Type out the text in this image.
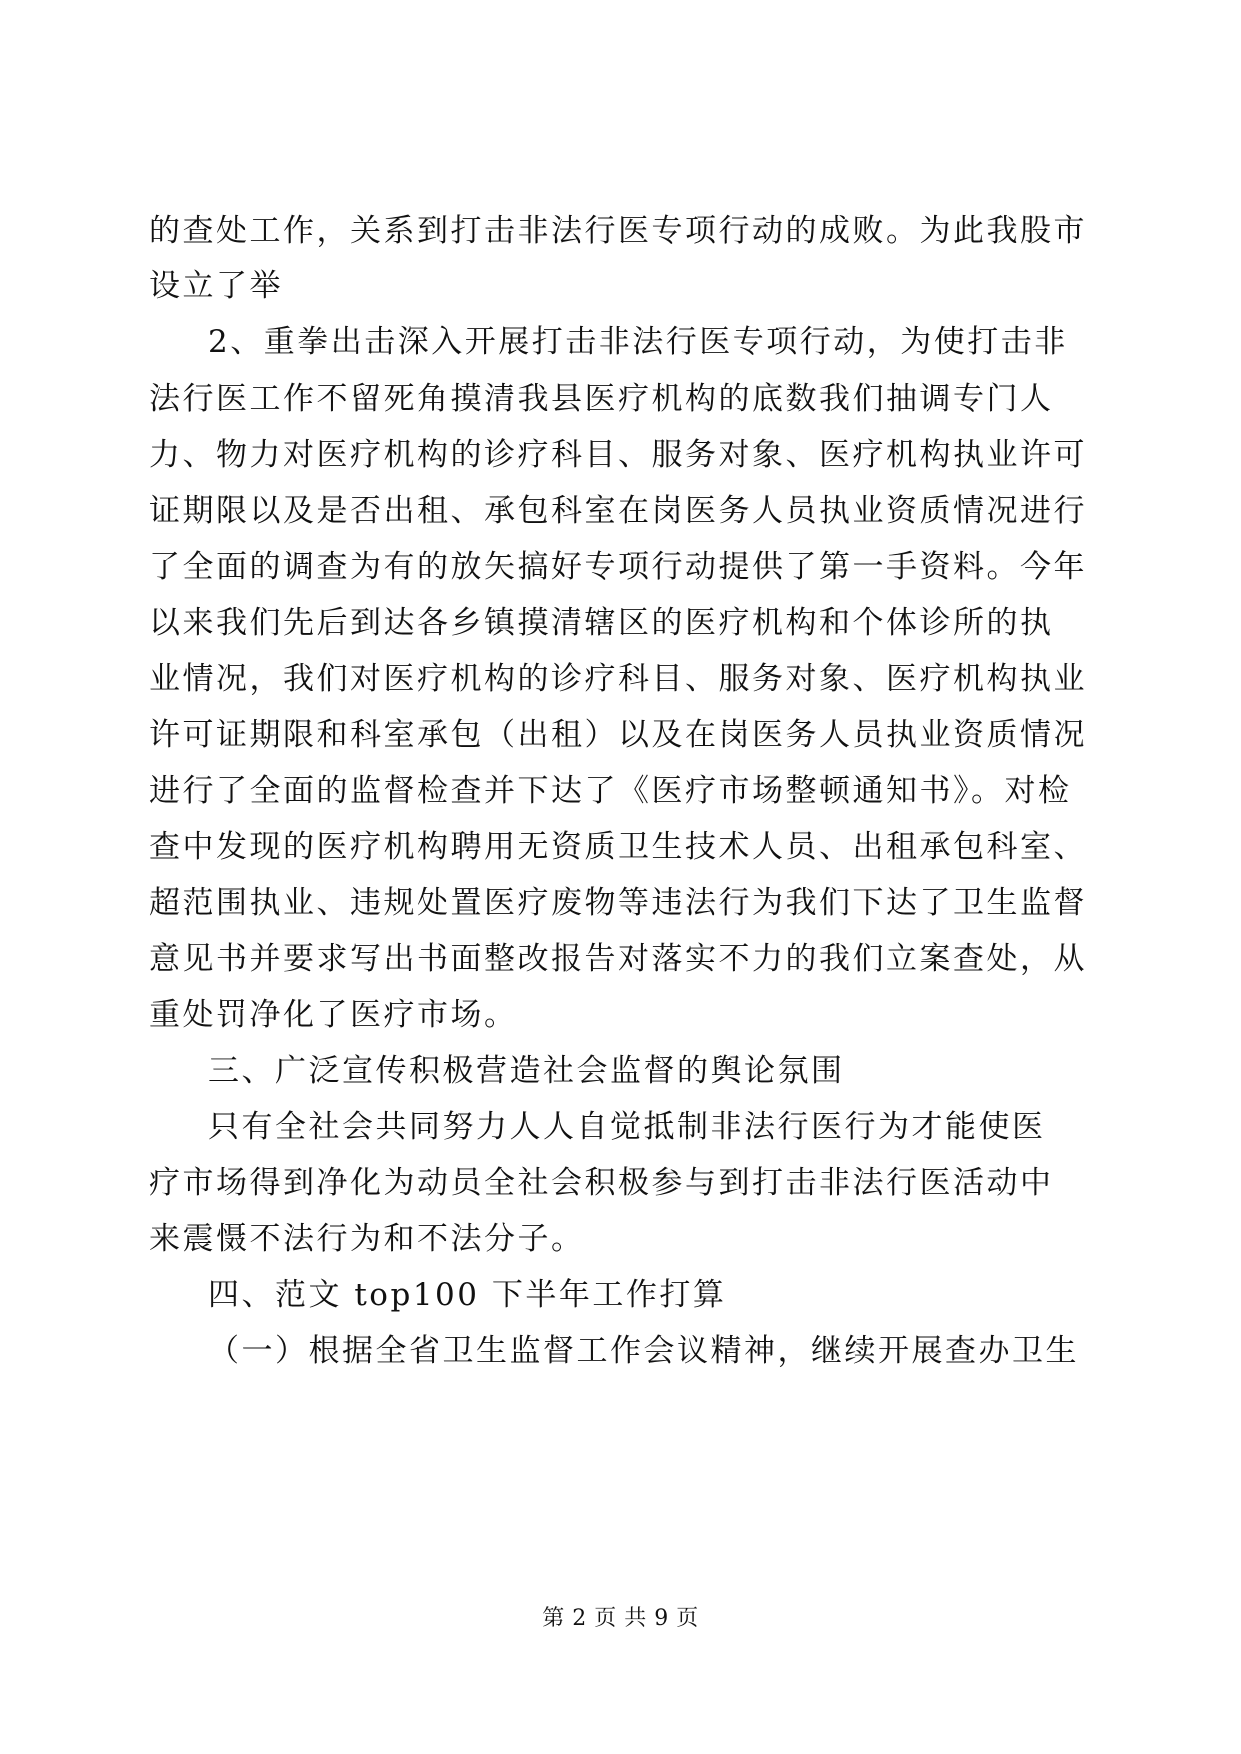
的查处工作，关系到打击非法行医专项行动的成败。为此我股市
设立了举
2、重拳出击深入开展打击非法行医专项行动，为使打击非
法行医工作不留死角摸清我县医疗机构的底数我们抽调专门人
力、物力对医疗机构的诊疗科目、服务对象、医疗机构执业许可
证期限以及是否出租、承包科室在岗医务人员执业资质情况进行
了全面的调查为有的放矢搞好专项行动提供了第一手资料。今年
以来我们先后到达各乡镇摸清辖区的医疗机构和个体诊所的执
业情况，我们对医疗机构的诊疗科目、服务对象、医疗机构执业
许可证期限和科室承包（出租）以及在岗医务人员执业资质情况
进行了全面的监督检查并下达了《医疗市场整顿通知书》。对检
查中发现的医疗机构聘用无资质卫生技术人员、出租承包科室、
超范围执业、违规处置医疗废物等违法行为我们下达了卫生监督
意见书并要求写出书面整改报告对落实不力的我们立案查处，从
重处罚净化了医疗市场。
三、广泛宣传积极营造社会监督的舆论氛围
只有全社会共同努力人人自觉抵制非法行医行为才能使医
疗市场得到净化为动员全社会积极参与到打击非法行医活动中
来震慑不法行为和不法分子。
四、范文 top100 下半年工作打算
（一）根据全省卫生监督工作会议精神，继续开展查办卫生
第 2 页 共 9 页
